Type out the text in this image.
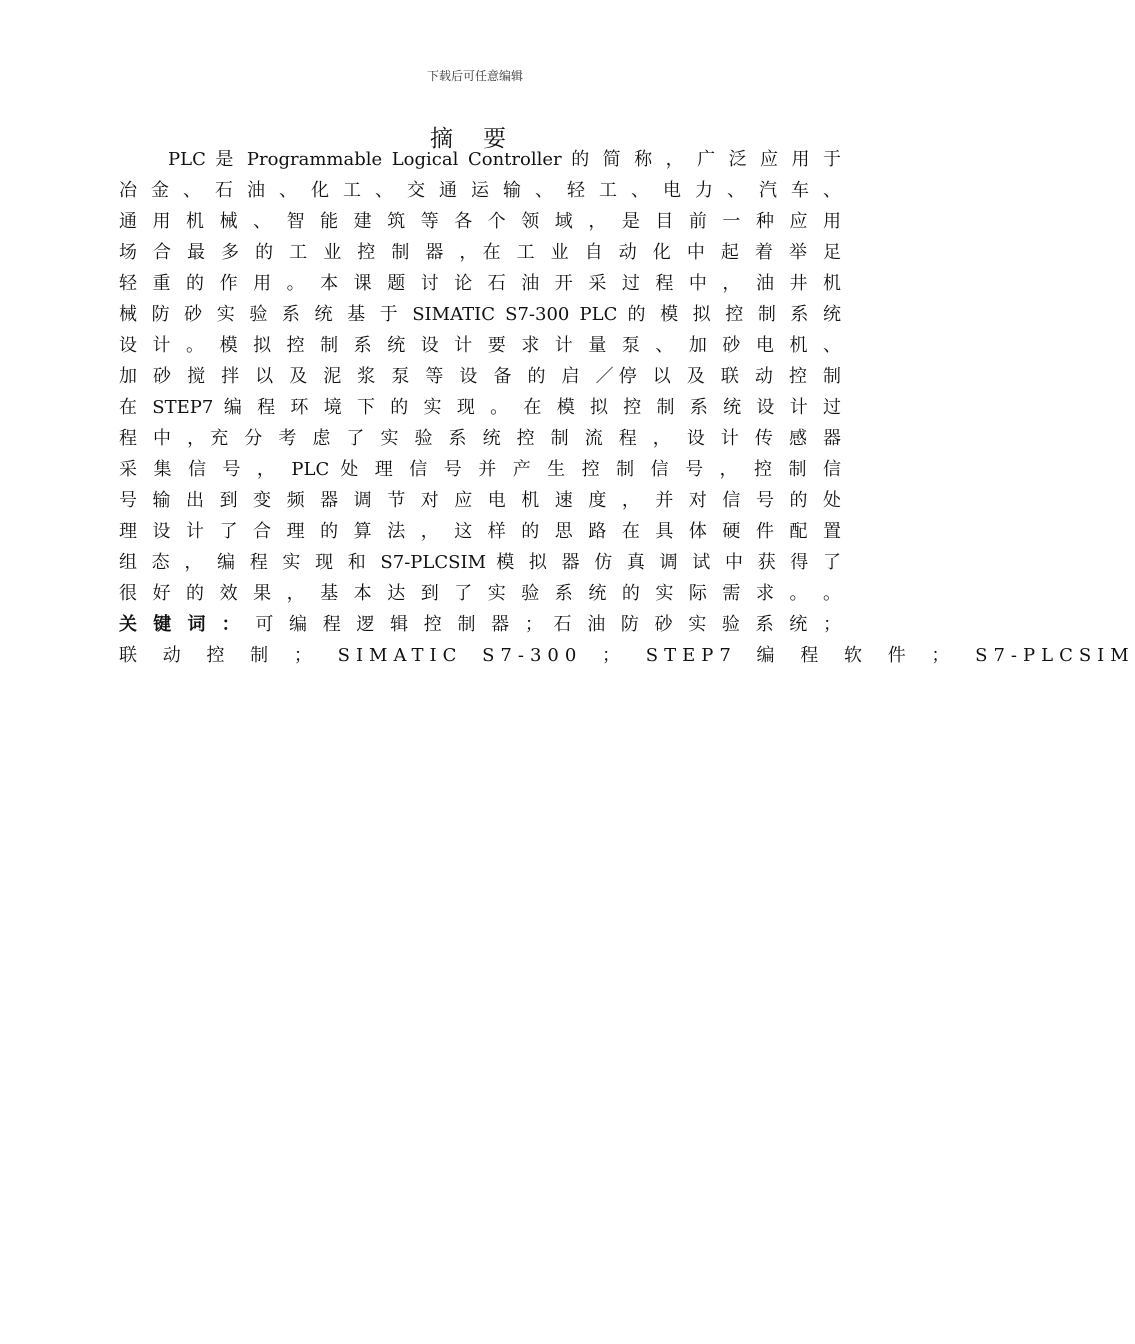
下载后可任意编辑
摘要
PLC 是 Programmable Logical Controller 的 简 称 ， 广 泛 应 用 于
冶 金 、 石 油 、 化 工 、 交 通 运 输 、 轻 工 、 电 力 、 汽 车 、
通 用 机 械 、 智 能 建 筑 等 各 个 领 域 ， 是 目 前 一 种 应 用
场 合 最 多 的 工 业 控 制 器 ，在 工 业 自 动 化 中 起 着 举 足
轻 重 的 作 用 。 本 课 题 讨 论 石 油 开 采 过 程 中 ， 油 井 机
械 防 砂 实 验 系 统 基 于 SIMATIC S7-300 PLC 的 模 拟 控 制 系 统
设 计 。 模 拟 控 制 系 统 设 计 要 求 计 量 泵 、 加 砂 电 机 、
加 砂 搅 拌 以 及 泥 浆 泵 等 设 备 的 启 ／停 以 及 联 动 控 制
在 STEP7 编 程 环 境 下 的 实 现 。 在 模 拟 控 制 系 统 设 计 过
程 中 ，充 分 考 虑 了 实 验 系 统 控 制 流 程 ， 设 计 传 感 器
采 集 信 号 ， PLC 处 理 信 号 并 产 生 控 制 信 号 ， 控 制 信
号 输 出 到 变 频 器 调 节 对 应 电 机 速 度 ， 并 对 信 号 的 处
理 设 计 了 合 理 的 算 法 ， 这 样 的 思 路 在 具 体 硬 件 配 置
组 态 ， 编 程 实 现 和 S7-PLCSIM 模 拟 器 仿 真 调 试 中 获 得 了
很 好 的 效 果 ， 基 本 达 到 了 实 验 系 统 的 实 际 需 求 。 。
关 键 词 ： 可 编 程 逻 辑 控 制 器 ； 石 油 防 砂 实 验 系 统 ；
联 动 控 制 ； SIMATIC S7-300 ； STEP7 编 程 软 件 ； S7-PLCSIM
